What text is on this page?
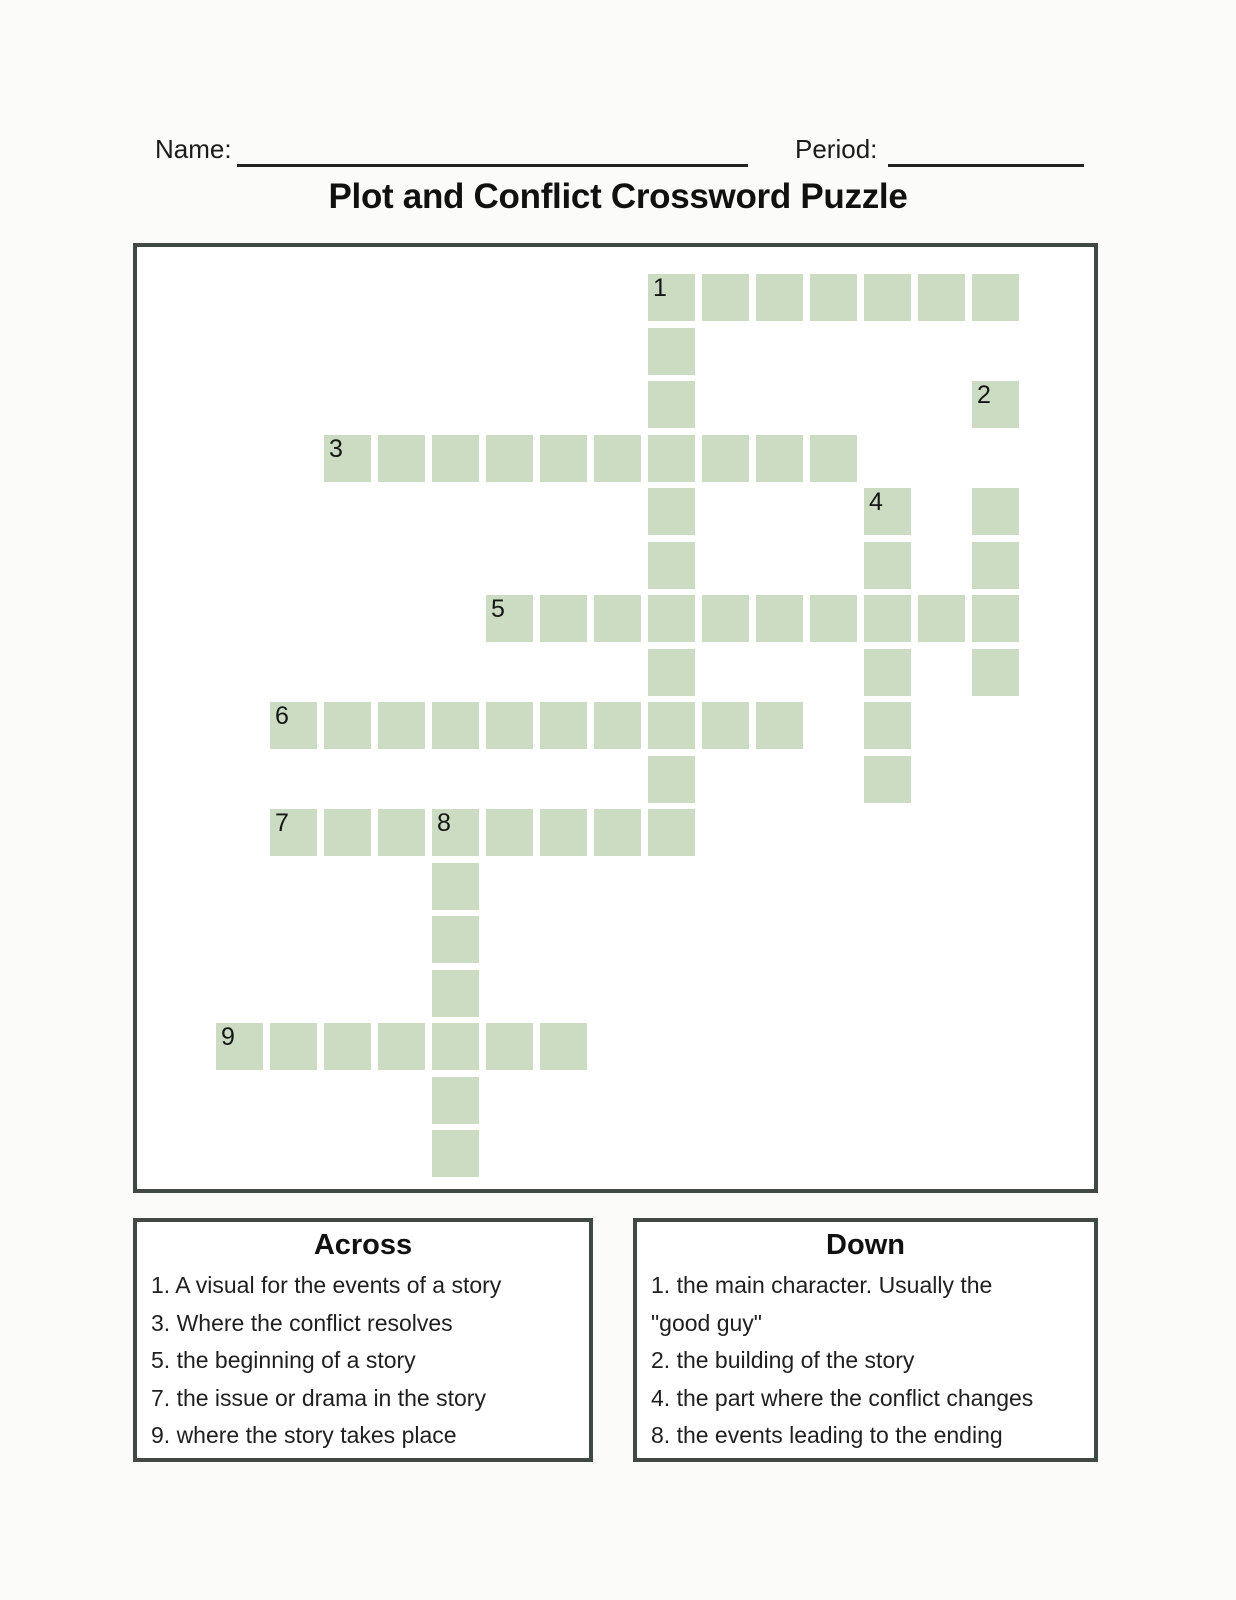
Name:	Period:
Plot and Conflict Crossword Puzzle
1
2
3
4
5
6
7	8
9
Across
1. A visual for the events of a story
3. Where the conflict resolves
5. the beginning of a story
7. the issue or drama in the story
9. where the story takes place
Down
1. the main character. Usually the
"good guy"
2. the building of the story
4. the part where the conflict changes
8. the events leading to the ending
